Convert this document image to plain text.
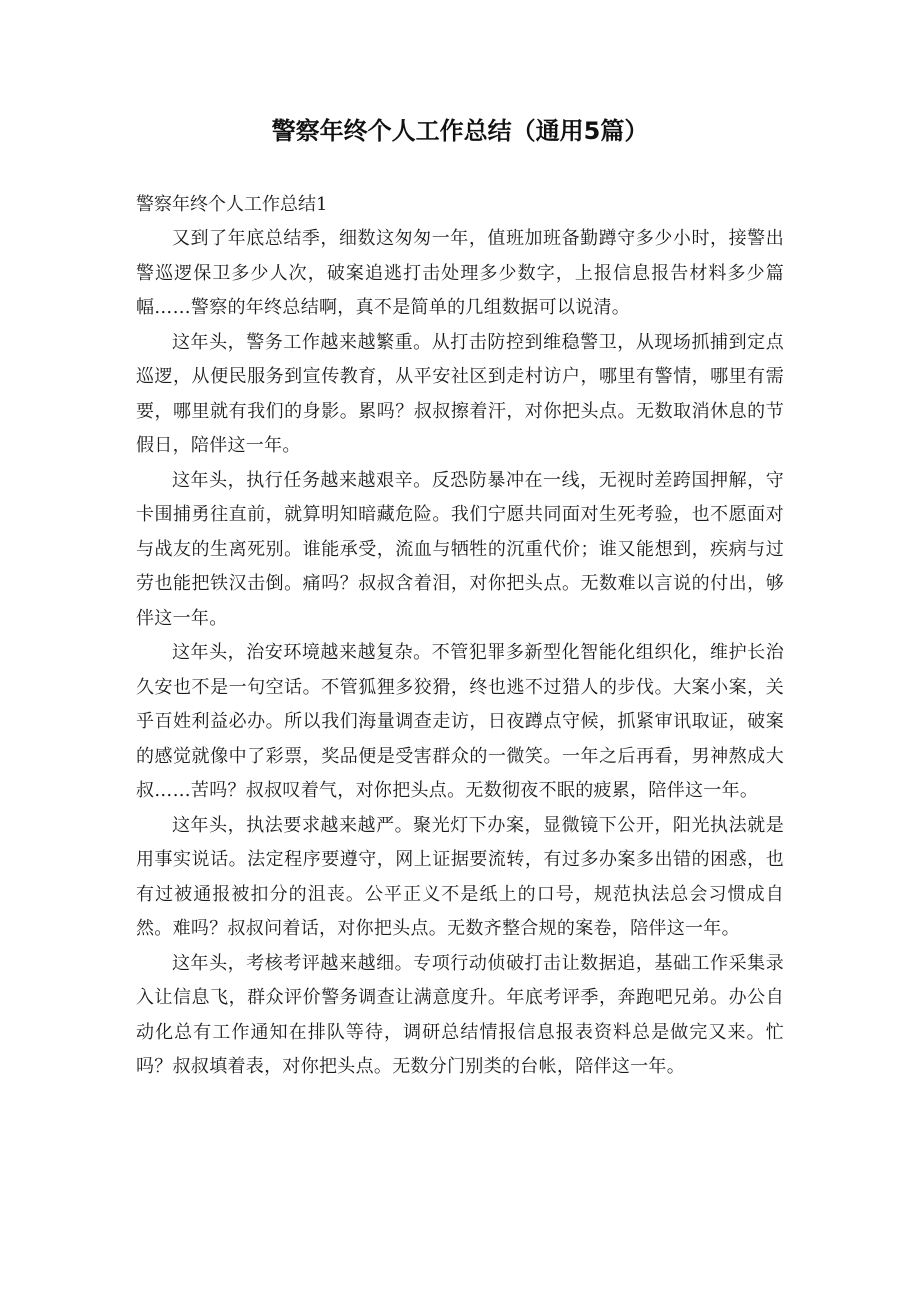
警察年终个人工作总结（通用5篇）
警察年终个人工作总结1

又到了年底总结季，细数这匆匆一年，值班加班备勤蹲守多少小时，接警出警巡逻保卫多少人次，破案追逃打击处理多少数字，上报信息报告材料多少篇幅……警察的年终总结啊，真不是简单的几组数据可以说清。

这年头，警务工作越来越繁重。从打击防控到维稳警卫，从现场抓捕到定点巡逻，从便民服务到宣传教育，从平安社区到走村访户，哪里有警情，哪里有需要，哪里就有我们的身影。累吗？叔叔擦着汗，对你把头点。无数取消休息的节假日，陪伴这一年。

这年头，执行任务越来越艰辛。反恐防暴冲在一线，无视时差跨国押解，守卡围捕勇往直前，就算明知暗藏危险。我们宁愿共同面对生死考验，也不愿面对与战友的生离死别。谁能承受，流血与牺牲的沉重代价；谁又能想到，疾病与过劳也能把铁汉击倒。痛吗？叔叔含着泪，对你把头点。无数难以言说的付出，够伴这一年。

这年头，治安环境越来越复杂。不管犯罪多新型化智能化组织化，维护长治久安也不是一句空话。不管狐狸多狡猾，终也逃不过猎人的步伐。大案小案，关乎百姓利益必办。所以我们海量调查走访，日夜蹲点守候，抓紧审讯取证，破案的感觉就像中了彩票，奖品便是受害群众的一微笑。一年之后再看，男神熬成大叔……苦吗？叔叔叹着气，对你把头点。无数彻夜不眠的疲累，陪伴这一年。

这年头，执法要求越来越严。聚光灯下办案，显微镜下公开，阳光执法就是用事实说话。法定程序要遵守，网上证据要流转，有过多办案多出错的困惑，也有过被通报被扣分的沮丧。公平正义不是纸上的口号，规范执法总会习惯成自然。难吗？叔叔问着话，对你把头点。无数齐整合规的案卷，陪伴这一年。

这年头，考核考评越来越细。专项行动侦破打击让数据追，基础工作采集录入让信息飞，群众评价警务调查让满意度升。年底考评季，奔跑吧兄弟。办公自动化总有工作通知在排队等待，调研总结情报信息报表资料总是做完又来。忙吗？叔叔填着表，对你把头点。无数分门别类的台帐，陪伴这一年。
